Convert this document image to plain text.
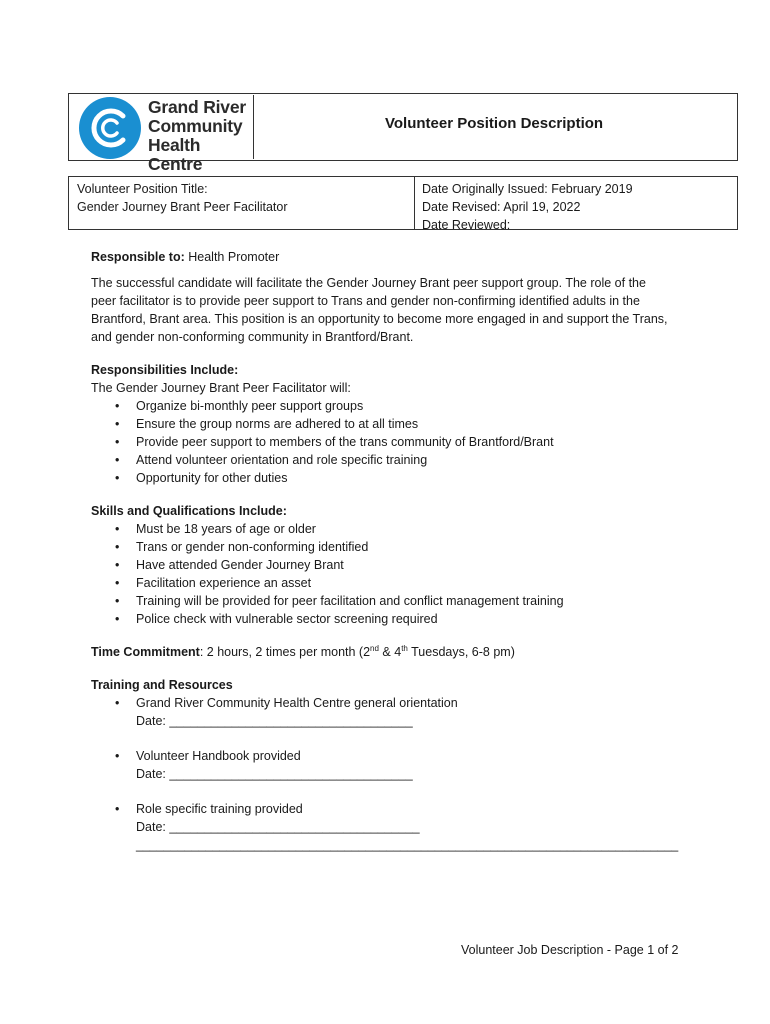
Grand River
Community
Health Centre
Volunteer Position Description
Volunteer Position Title:
Gender Journey Brant Peer Facilitator
Date Originally Issued: February 2019
Date Revised: April 19, 2022
Date Reviewed:

Responsible to: Health Promoter

The successful candidate will facilitate the Gender Journey Brant peer support group. The role of the peer facilitator is to provide peer support to Trans and gender non-confirming identified adults in the Brantford, Brant area. This position is an opportunity to become more engaged in and support the Trans, and gender non-conforming community in Brantford/Brant.

Responsibilities Include:
The Gender Journey Brant Peer Facilitator will:
• Organize bi-monthly peer support groups
• Ensure the group norms are adhered to at all times
• Provide peer support to members of the trans community of Brantford/Brant
• Attend volunteer orientation and role specific training
• Opportunity for other duties
Skills and Qualifications Include:
• Must be 18 years of age or older
• Trans or gender non-conforming identified
• Have attended Gender Journey Brant
• Facilitation experience an asset
• Training will be provided for peer facilitation and conflict management training
• Police check with vulnerable sector screening required

Time Commitment: 2 hours, 2 times per month (2nd & 4th Tuesdays, 6-8 pm)

Training and Resources
• Grand River Community Health Centre general orientation
Date: ___________________________________
• Volunteer Handbook provided
Date: ___________________________________
• Role specific training provided
Date: ____________________________________
______________________________________________________________________________
Volunteer Job Description - Page 1 of 2
